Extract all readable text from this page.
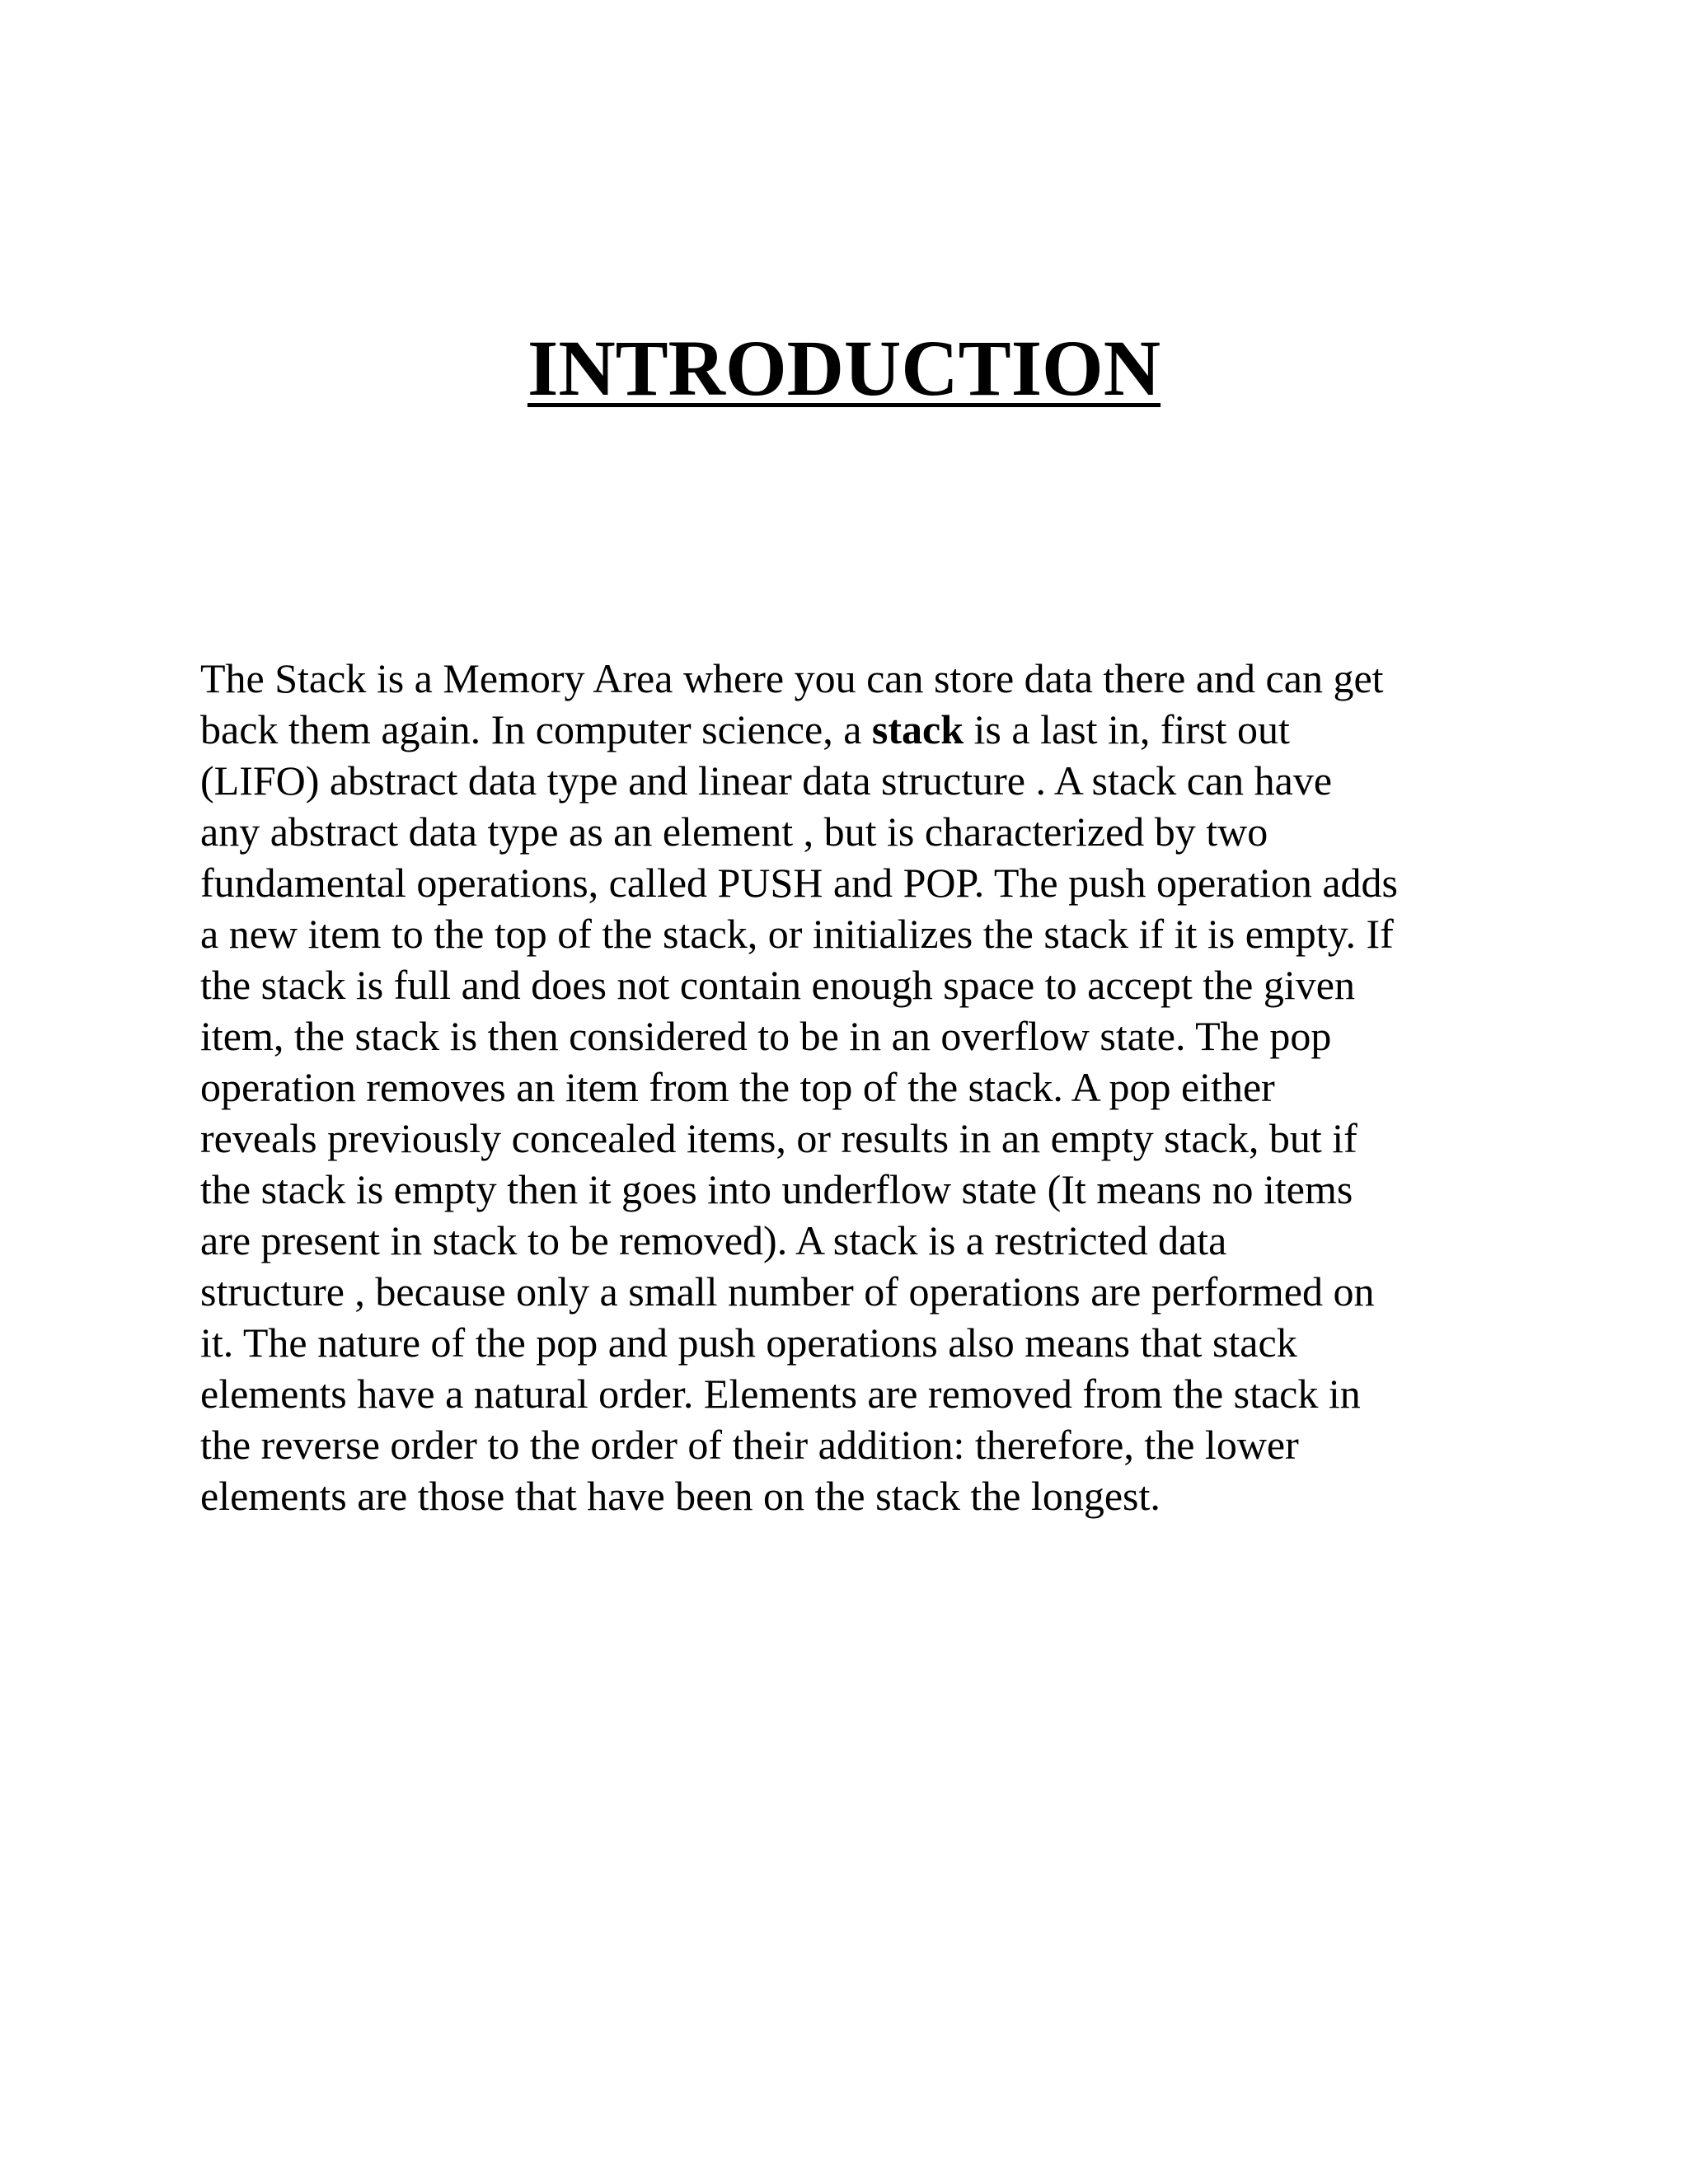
INTRODUCTION

The Stack is a Memory Area where you can store data there and can get
back them again. In computer science, a stack is a last in, first out
(LIFO) abstract data type and linear data structure . A stack can have
any abstract data type as an element , but is characterized by two
fundamental operations, called PUSH and POP. The push operation adds
a new item to the top of the stack, or initializes the stack if it is empty. If
the stack is full and does not contain enough space to accept the given
item, the stack is then considered to be in an overflow state. The pop
operation removes an item from the top of the stack. A pop either
reveals previously concealed items, or results in an empty stack, but if
the stack is empty then it goes into underflow state (It means no items
are present in stack to be removed). A stack is a restricted data
structure , because only a small number of operations are performed on
it. The nature of the pop and push operations also means that stack
elements have a natural order. Elements are removed from the stack in
the reverse order to the order of their addition: therefore, the lower
elements are those that have been on the stack the longest.
